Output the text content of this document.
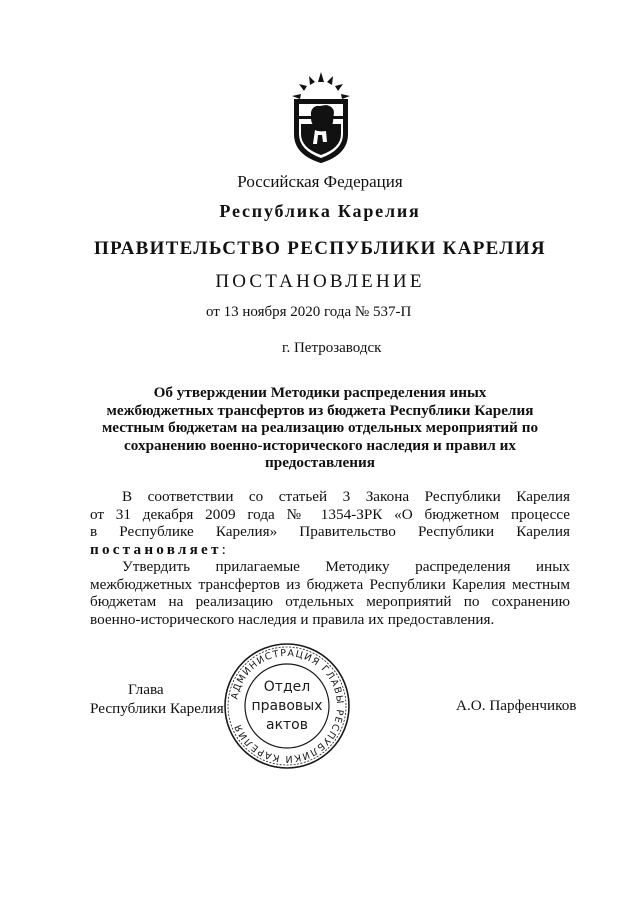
Российская Федерация
Республика Карелия
ПРАВИТЕЛЬСТВО РЕСПУБЛИКИ КАРЕЛИЯ
ПОСТАНОВЛЕНИЕ
от 13 ноября 2020 года № 537-П
г. Петрозаводск
Об утверждении Методики распределения иных
межбюджетных трансфертов из бюджета Республики Карелия
местным бюджетам на реализацию отдельных мероприятий по
сохранению военно-исторического наследия и правил их
предоставления
В соответствии со статьей 3 Закона Республики Карелия
от 31 декабря 2009 года № 1354-ЗРК «О бюджетном процессе
в Республике Карелия» Правительство Республики Карелия
постановляет:
Утвердить прилагаемые Методику распределения иных
межбюджетных трансфертов из бюджета Республики Карелия местным
бюджетам на реализацию отдельных мероприятий по сохранению
военно-исторического наследия и правила их предоставления.
АДМИНИСТРАЦИЯ ГЛАВЫ РЕСПУБЛИКИ КАРЕЛИЯ
Отдел
правовых
актов
Глава
Республики Карелия	А.О. Парфенчиков
